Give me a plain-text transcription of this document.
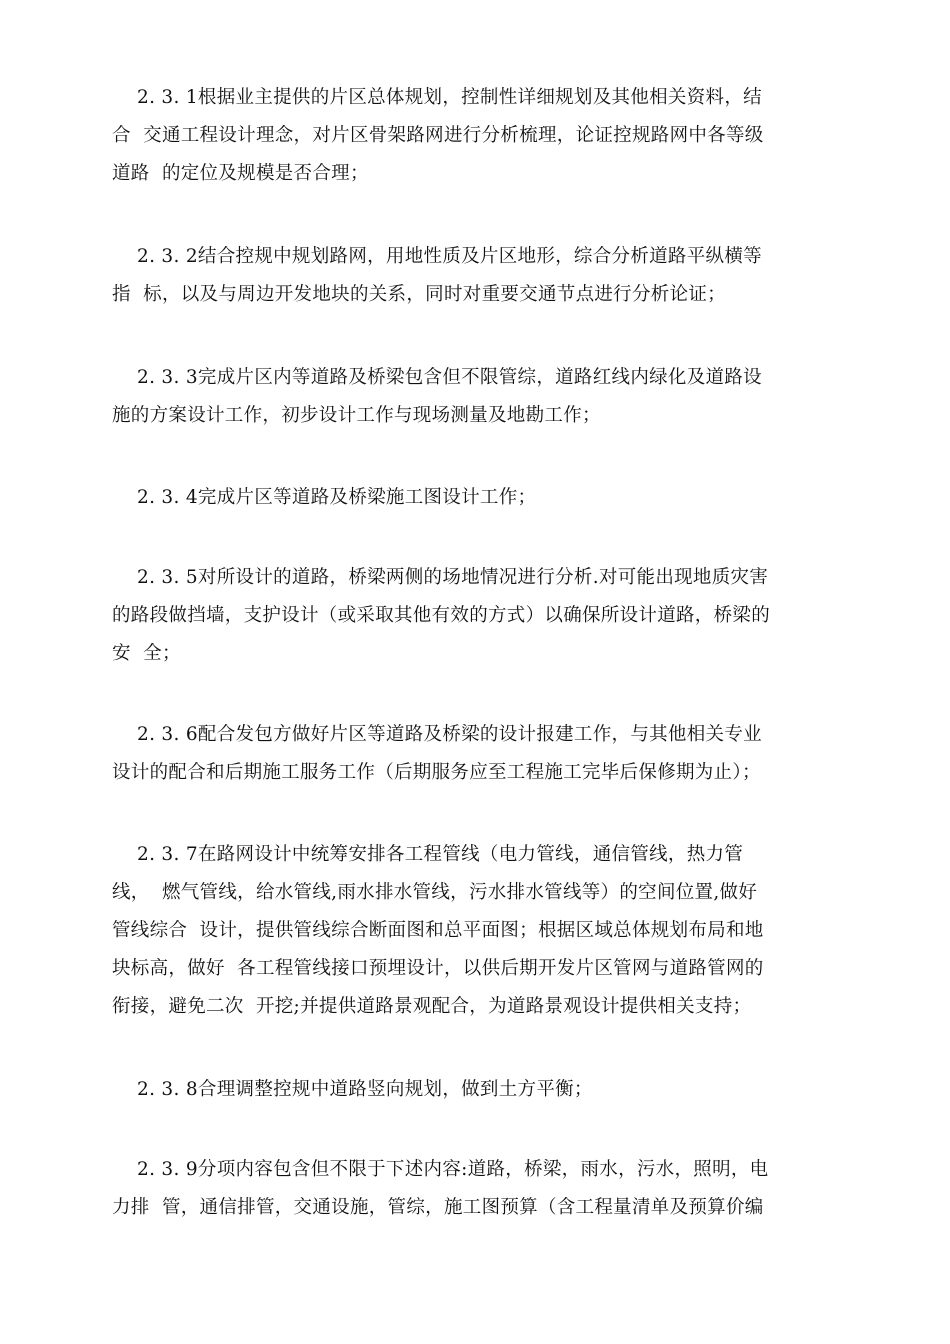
2. 3. 1根据业主提供的片区总体规划，控制性详细规划及其他相关资料，结
合  交通工程设计理念，对片区骨架路网进行分析梳理，论证控规路网中各等级
道路  的定位及规模是否合理；
2. 3. 2结合控规中规划路网，用地性质及片区地形，综合分析道路平纵横等
指  标，以及与周边开发地块的关系，同时对重要交通节点进行分析论证；
2. 3. 3完成片区内等道路及桥梁包含但不限管综，道路红线内绿化及道路设
施的方案设计工作，初步设计工作与现场测量及地勘工作；
2. 3. 4完成片区等道路及桥梁施工图设计工作；
2. 3. 5对所设计的道路，桥梁两侧的场地情况进行分析.对可能出现地质灾害
的路段做挡墙，支护设计（或采取其他有效的方式）以确保所设计道路，桥梁的
安  全；
2. 3. 6配合发包方做好片区等道路及桥梁的设计报建工作，与其他相关专业
设计的配合和后期施工服务工作（后期服务应至工程施工完毕后保修期为止）；
2. 3. 7在路网设计中统筹安排各工程管线（电力管线，通信管线，热力管
线，  燃气管线，给水管线,雨水排水管线，污水排水管线等）的空间位置,做好
管线综合  设计，提供管线综合断面图和总平面图；根据区域总体规划布局和地
块标高，做好  各工程管线接口预埋设计，以供后期开发片区管网与道路管网的
衔接，避免二次  开挖;并提供道路景观配合，为道路景观设计提供相关支持；
2. 3. 8合理调整控规中道路竖向规划，做到土方平衡；
2. 3. 9分项内容包含但不限于下述内容:道路，桥梁，雨水，污水，照明，电
力排  管，通信排管，交通设施，管综，施工图预算（含工程量清单及预算价编
